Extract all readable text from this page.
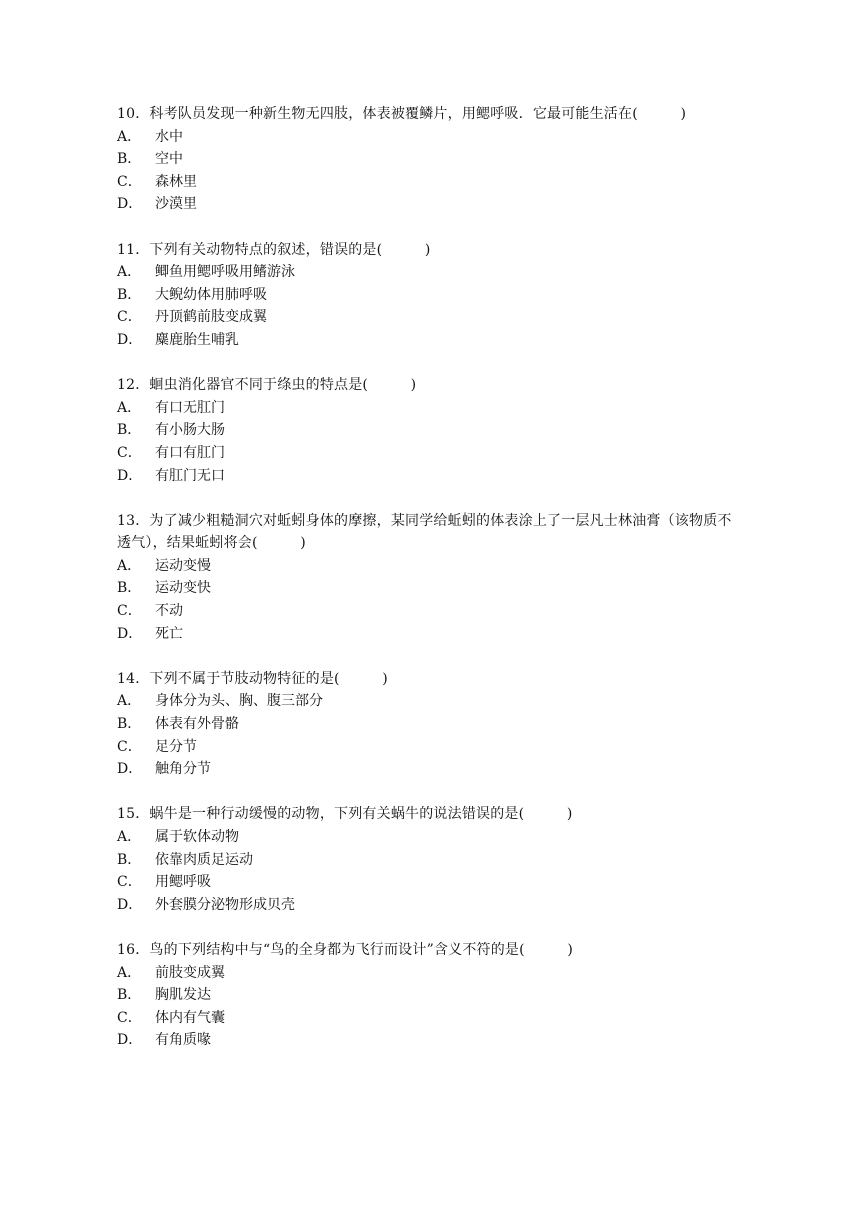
10．科考队员发现一种新生物无四肢，体表被覆鳞片，用鳃呼吸．它最可能生活在(　　　)
A． 水中
B． 空中
C． 森林里
D． 沙漠里
11．下列有关动物特点的叙述，错误的是(　　　)
A． 鲫鱼用鳃呼吸用鳍游泳
B． 大鲵幼体用肺呼吸
C． 丹顶鹤前肢变成翼
D． 麋鹿胎生哺乳
12．蛔虫消化器官不同于绦虫的特点是(　　　)
A． 有口无肛门
B． 有小肠大肠
C． 有口有肛门
D． 有肛门无口
13．为了减少粗糙洞穴对蚯蚓身体的摩擦，某同学给蚯蚓的体表涂上了一层凡士林油膏（该物质不透气），结果蚯蚓将会(　　　)
A． 运动变慢
B． 运动变快
C． 不动
D． 死亡
14．下列不属于节肢动物特征的是(　　　)
A． 身体分为头、胸、腹三部分
B． 体表有外骨骼
C． 足分节
D． 触角分节
15．蜗牛是一种行动缓慢的动物，下列有关蜗牛的说法错误的是(　　　)
A． 属于软体动物
B． 依靠肉质足运动
C． 用鳃呼吸
D． 外套膜分泌物形成贝壳
16．鸟的下列结构中与“鸟的全身都为飞行而设计”含义不符的是(　　　)
A． 前肢变成翼
B． 胸肌发达
C． 体内有气囊
D． 有角质喙
